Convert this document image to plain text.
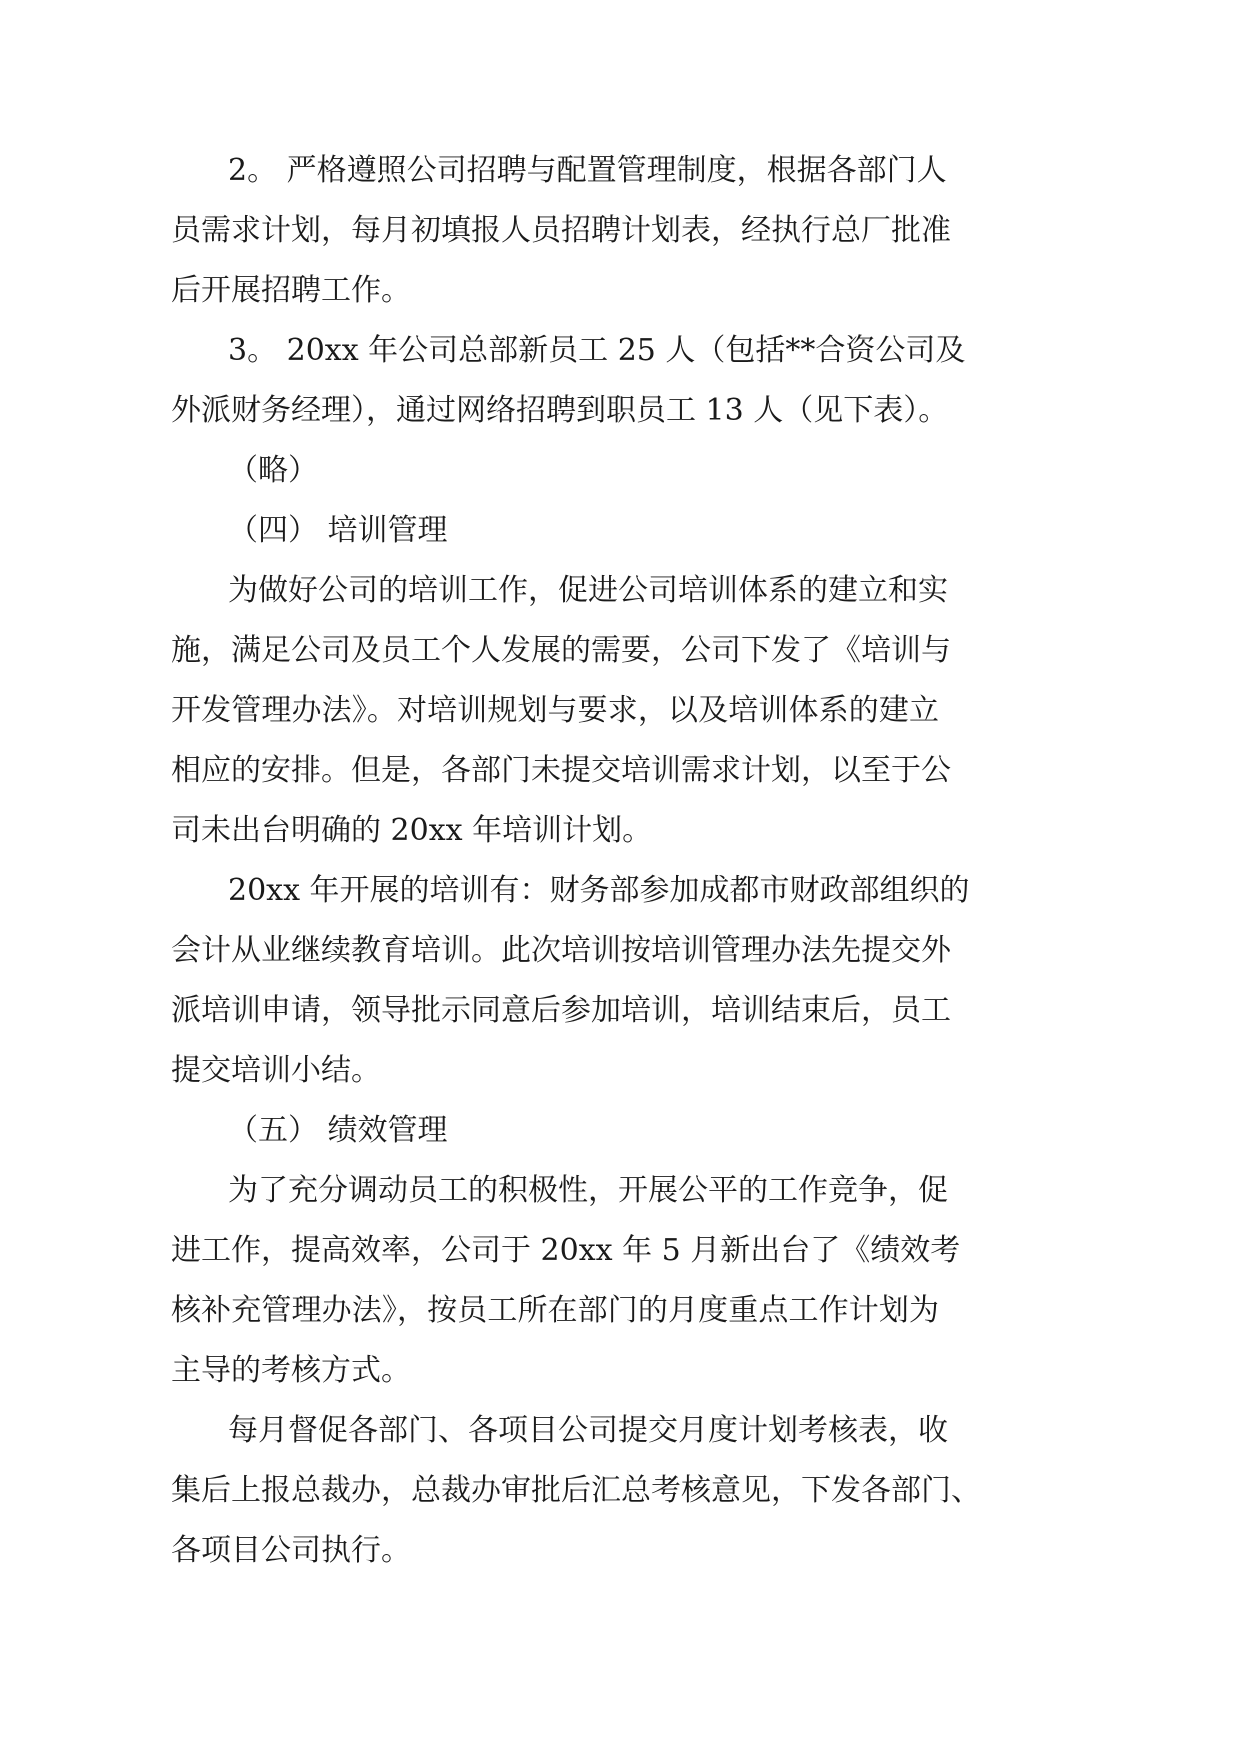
2。 严格遵照公司招聘与配置管理制度，根据各部门人
员需求计划，每月初填报人员招聘计划表，经执行总厂批准
后开展招聘工作。
3。 20xx 年公司总部新员工 25 人（包括**合资公司及
外派财务经理），通过网络招聘到职员工 13 人（见下表）。
（略）
（四） 培训管理
为做好公司的培训工作，促进公司培训体系的建立和实
施，满足公司及员工个人发展的需要，公司下发了《培训与
开发管理办法》。对培训规划与要求，以及培训体系的建立
相应的安排。但是，各部门未提交培训需求计划，以至于公
司未出台明确的 20xx 年培训计划。
20xx 年开展的培训有：财务部参加成都市财政部组织的
会计从业继续教育培训。此次培训按培训管理办法先提交外
派培训申请，领导批示同意后参加培训，培训结束后，员工
提交培训小结。
（五） 绩效管理
为了充分调动员工的积极性，开展公平的工作竞争，促
进工作，提高效率，公司于 20xx 年 5 月新出台了《绩效考
核补充管理办法》，按员工所在部门的月度重点工作计划为
主导的考核方式。
每月督促各部门、各项目公司提交月度计划考核表，收
集后上报总裁办，总裁办审批后汇总考核意见，下发各部门、
各项目公司执行。
